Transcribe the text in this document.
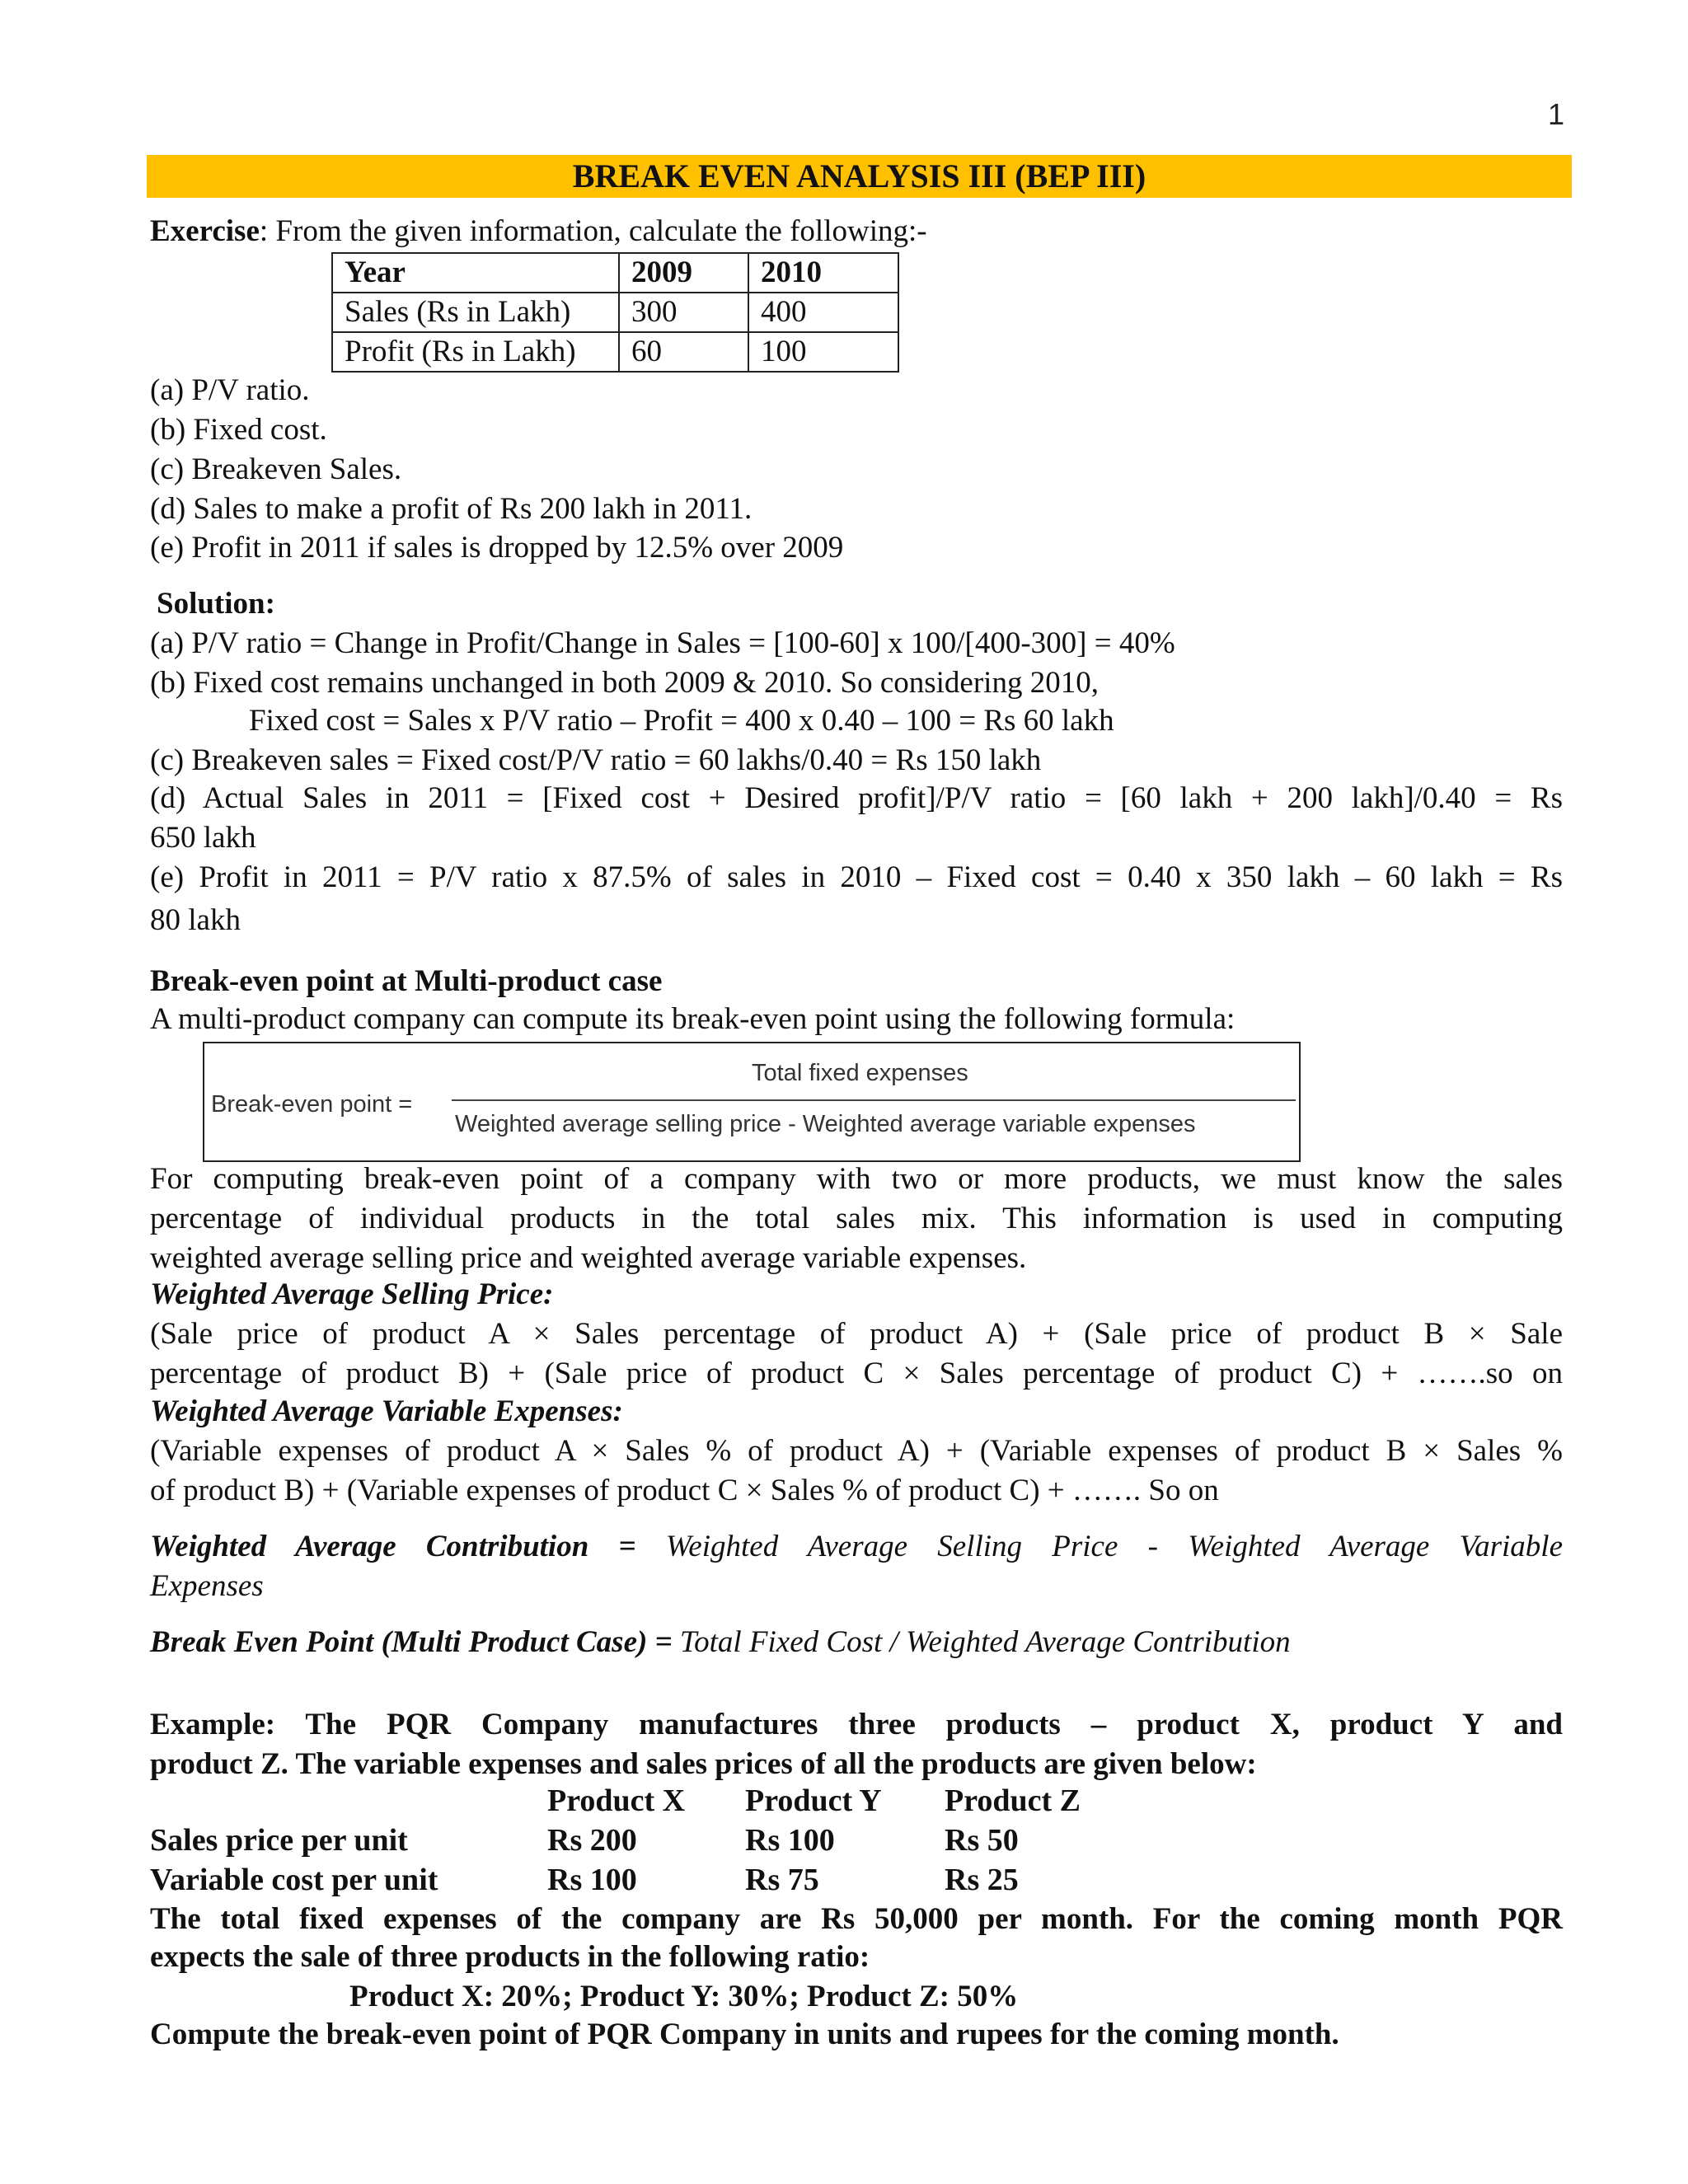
1
BREAK EVEN ANALYSIS III (BEP III)
Exercise: From the given information, calculate the following:-
Year	2009	2010
Sales (Rs in Lakh)	300	400
Profit (Rs in Lakh)	60	100
(a) P/V ratio.
(b) Fixed cost.
(c) Breakeven Sales.
(d) Sales to make a profit of Rs 200 lakh in 2011.
(e) Profit in 2011 if sales is dropped by 12.5% over 2009
Solution:
(a) P/V ratio = Change in Profit/Change in Sales = [100-60] x 100/[400-300] = 40%
(b) Fixed cost remains unchanged in both 2009 & 2010. So considering 2010,
Fixed cost = Sales x P/V ratio – Profit = 400 x 0.40 – 100 = Rs 60 lakh
(c) Breakeven sales = Fixed cost/P/V ratio = 60 lakhs/0.40 = Rs 150 lakh
(d) Actual Sales in 2011 = [Fixed cost + Desired profit]/P/V ratio = [60 lakh + 200 lakh]/0.40 = Rs
650 lakh
(e) Profit in 2011 = P/V ratio x 87.5% of sales in 2010 – Fixed cost = 0.40 x 350 lakh – 60 lakh = Rs
80 lakh
Break-even point at Multi-product case
A multi-product company can compute its break-even point using the following formula:
Break-even point =
Total fixed expenses
Weighted average selling price - Weighted average variable expenses
For computing break-even point of a company with two or more products, we must know the sales
percentage of individual products in the total sales mix. This information is used in computing
weighted average selling price and weighted average variable expenses.
Weighted Average Selling Price:
(Sale price of product A × Sales percentage of product A) + (Sale price of product B × Sale
percentage of product B) + (Sale price of product C × Sales percentage of product C) + …….so on
Weighted Average Variable Expenses:
(Variable expenses of product A × Sales % of product A) + (Variable expenses of product B × Sales %
of product B) + (Variable expenses of product C × Sales % of product C) + ……. So on
Weighted Average Contribution = Weighted Average Selling Price - Weighted Average Variable
Expenses
Break Even Point (Multi Product Case) = Total Fixed Cost / Weighted Average Contribution
Example: The PQR Company manufactures three products – product X, product Y and
product Z. The variable expenses and sales prices of all the products are given below:
Product X Product Y Product Z
Sales price per unit	Rs 200	Rs 100	Rs 50
Variable cost per unit	Rs 100	Rs 75	Rs 25
The total fixed expenses of the company are Rs 50,000 per month. For the coming month PQR
expects the sale of three products in the following ratio:
Product X: 20%; Product Y: 30%; Product Z: 50%
Compute the break-even point of PQR Company in units and rupees for the coming month.
